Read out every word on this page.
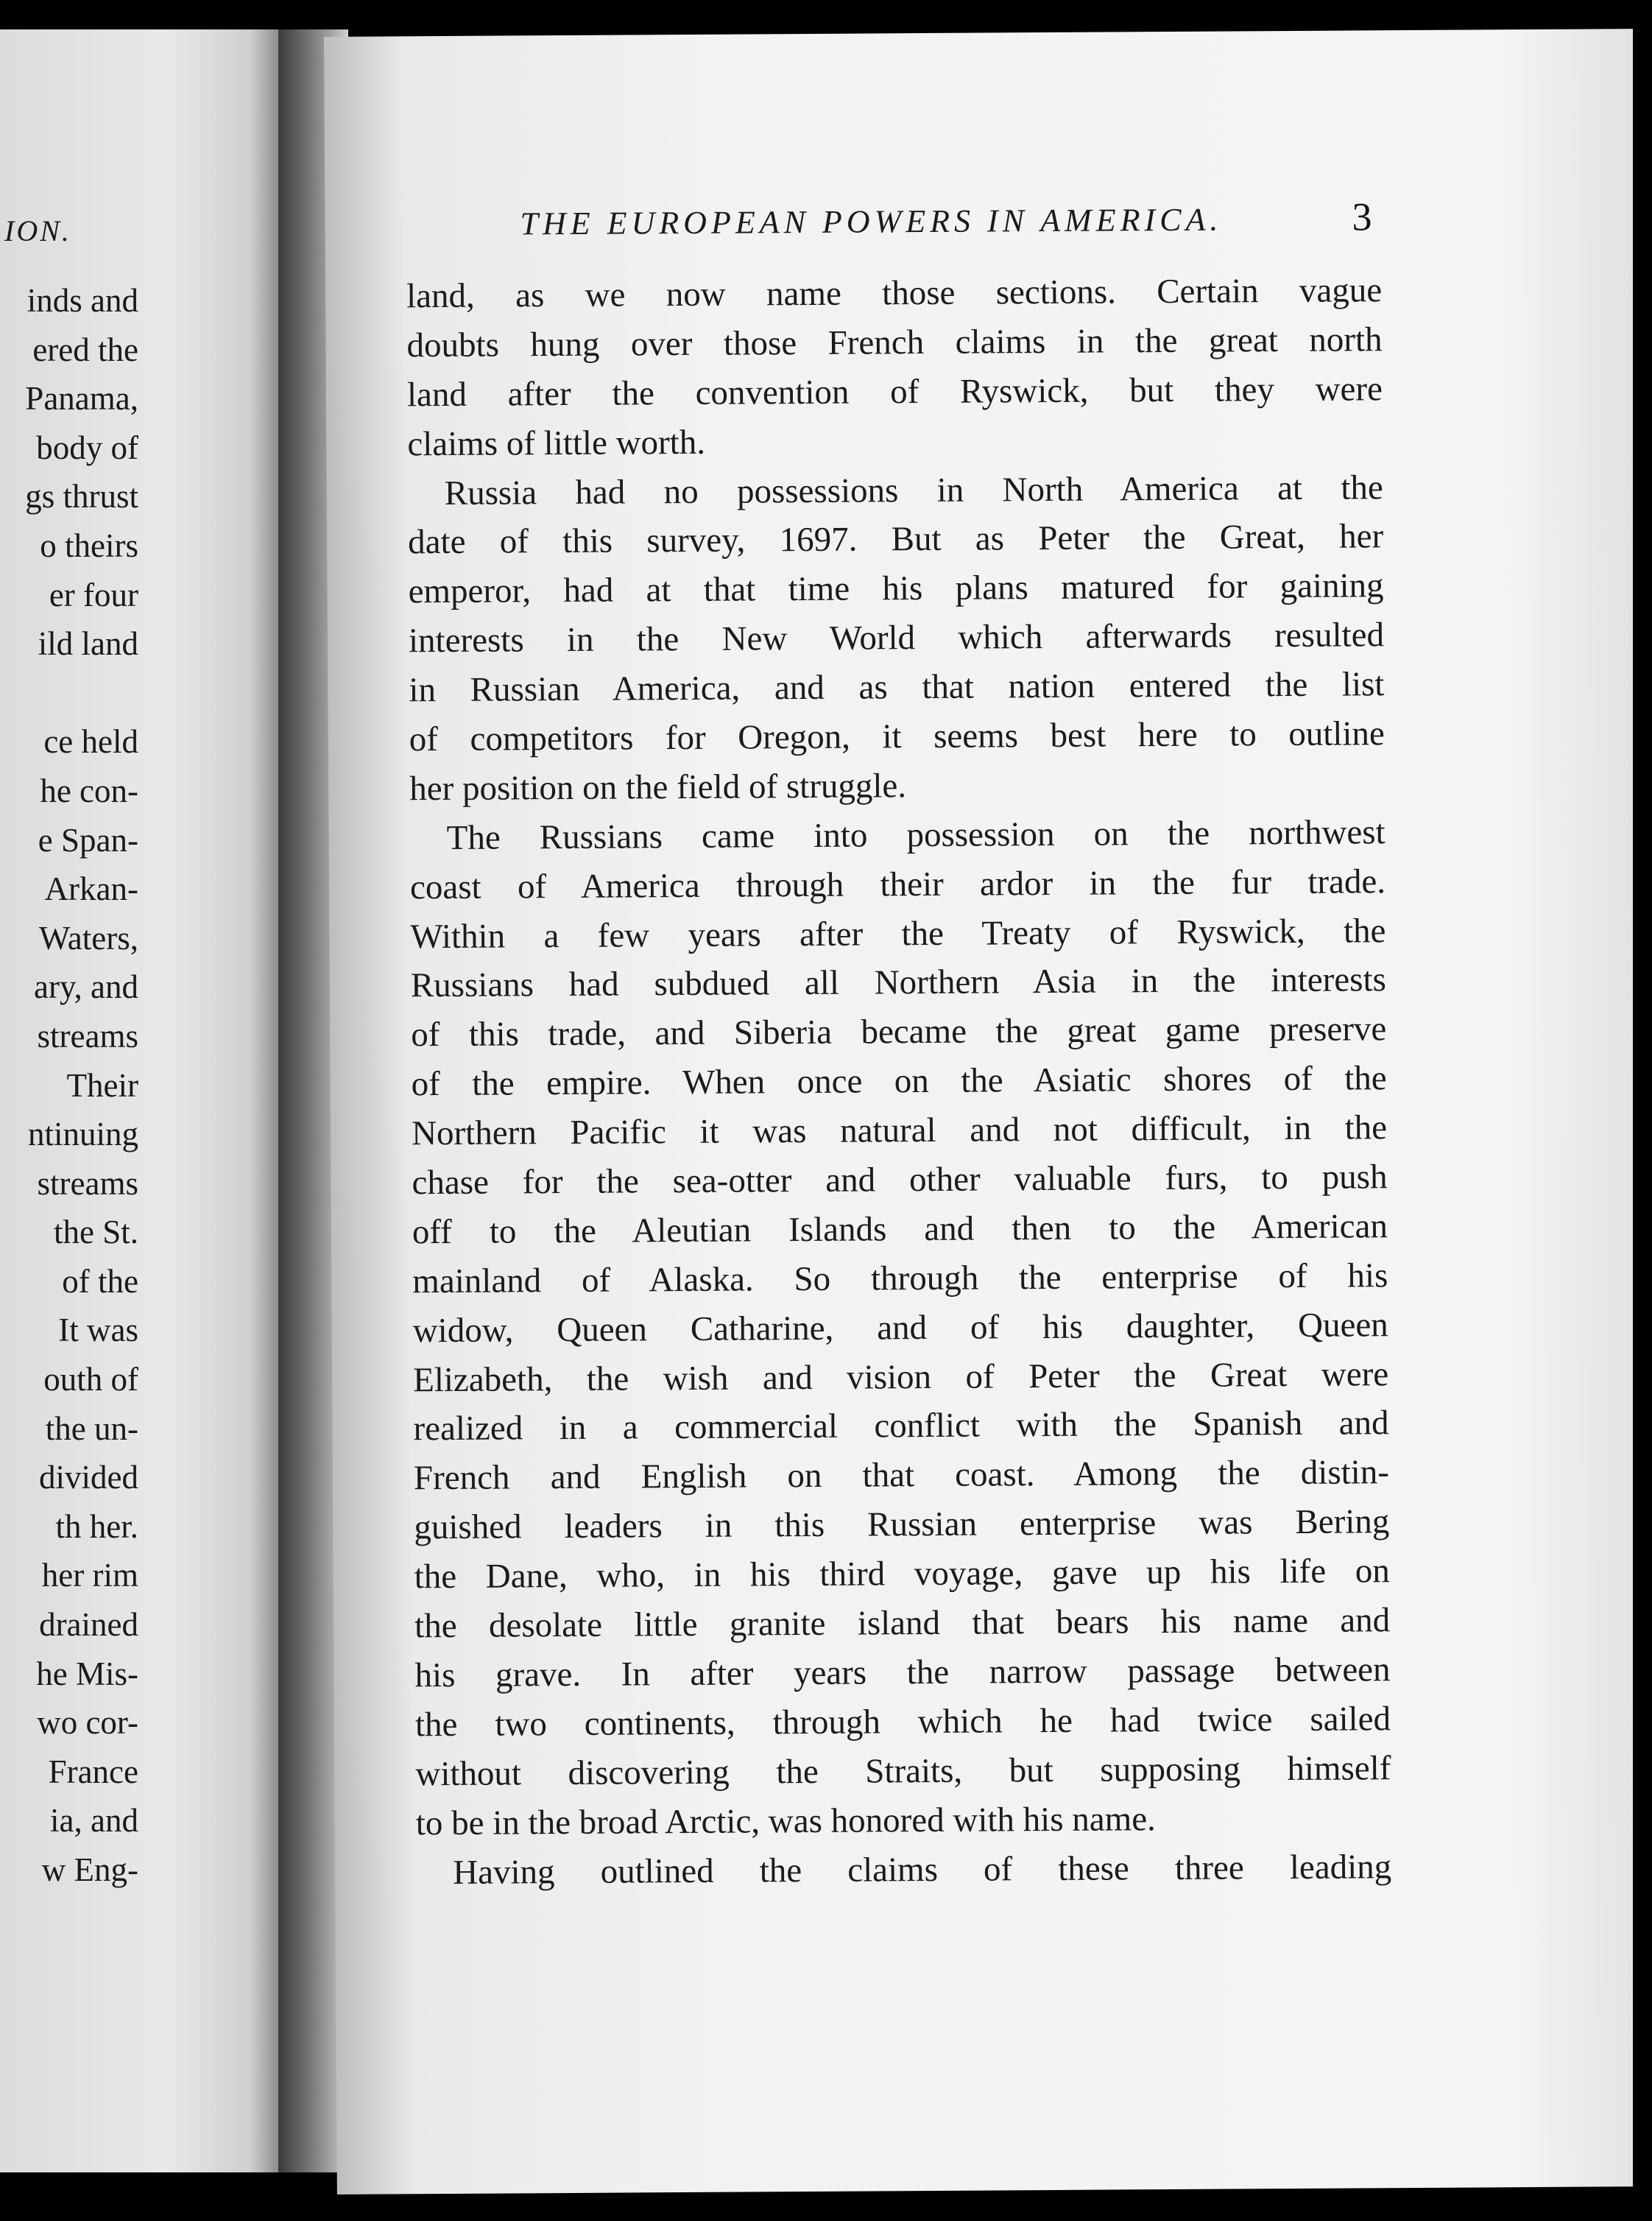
ION.
inds and
ered the
Panama,
body of
gs thrust
o theirs
er four
ild land
ce held
he con-
e Span-
Arkan-
Waters,
ary, and
streams
Their
ntinuing
streams
the St.
of the
It was
outh of
the un-
divided
th her.
her rim
drained
he Mis-
wo cor-
France
ia, and
w Eng-
THE EUROPEAN POWERS IN AMERICA.	3
land, as we now name those sections. Certain vague
doubts hung over those French claims in the great north
land after the convention of Ryswick, but they were
claims of little worth.
Russia had no possessions in North America at the
date of this survey, 1697. But as Peter the Great, her
emperor, had at that time his plans matured for gaining
interests in the New World which afterwards resulted
in Russian America, and as that nation entered the list
of competitors for Oregon, it seems best here to outline
her position on the field of struggle.
The Russians came into possession on the northwest
coast of America through their ardor in the fur trade.
Within a few years after the Treaty of Ryswick, the
Russians had subdued all Northern Asia in the interests
of this trade, and Siberia became the great game preserve
of the empire. When once on the Asiatic shores of the
Northern Pacific it was natural and not difficult, in the
chase for the sea-otter and other valuable furs, to push
off to the Aleutian Islands and then to the American
mainland of Alaska. So through the enterprise of his
widow, Queen Catharine, and of his daughter, Queen
Elizabeth, the wish and vision of Peter the Great were
realized in a commercial conflict with the Spanish and
French and English on that coast. Among the distin-
guished leaders in this Russian enterprise was Bering
the Dane, who, in his third voyage, gave up his life on
the desolate little granite island that bears his name and
his grave. In after years the narrow passage between
the two continents, through which he had twice sailed
without discovering the Straits, but supposing himself
to be in the broad Arctic, was honored with his name.
Having outlined the claims of these three leading
